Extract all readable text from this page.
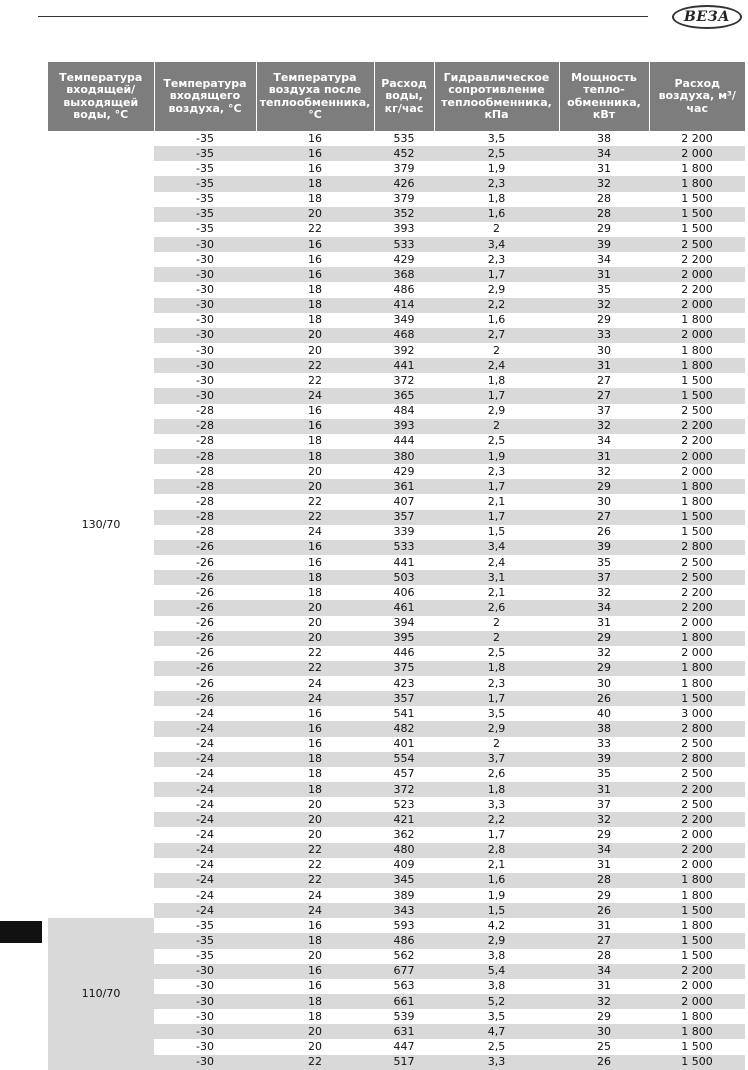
ВЕЗА
Температура входящей/ выходящей воды, °C	Температура входящего воздуха, °C	Температура воздуха после теплообменника, °C	Расход воды, кг/час	Гидравлическое сопротивление теплообменника, кПа	Мощность тепло-обменника, кВт	Расход воздуха, м³/час
130/70	-35	16	535	3,5	38	2 200
	-35	16	452	2,5	34	2 000
	-35	16	379	1,9	31	1 800
	-35	18	426	2,3	32	1 800
	-35	18	379	1,8	28	1 500
	-35	20	352	1,6	28	1 500
	-35	22	393	2	29	1 500
	-30	16	533	3,4	39	2 500
	-30	16	429	2,3	34	2 200
	-30	16	368	1,7	31	2 000
	-30	18	486	2,9	35	2 200
	-30	18	414	2,2	32	2 000
	-30	18	349	1,6	29	1 800
	-30	20	468	2,7	33	2 000
	-30	20	392	2	30	1 800
	-30	22	441	2,4	31	1 800
	-30	22	372	1,8	27	1 500
	-30	24	365	1,7	27	1 500
	-28	16	484	2,9	37	2 500
	-28	16	393	2	32	2 200
	-28	18	444	2,5	34	2 200
	-28	18	380	1,9	31	2 000
	-28	20	429	2,3	32	2 000
	-28	20	361	1,7	29	1 800
	-28	22	407	2,1	30	1 800
	-28	22	357	1,7	27	1 500
	-28	24	339	1,5	26	1 500
	-26	16	533	3,4	39	2 800
	-26	16	441	2,4	35	2 500
	-26	18	503	3,1	37	2 500
	-26	18	406	2,1	32	2 200
	-26	20	461	2,6	34	2 200
	-26	20	394	2	31	2 000
	-26	20	395	2	29	1 800
	-26	22	446	2,5	32	2 000
	-26	22	375	1,8	29	1 800
	-26	24	423	2,3	30	1 800
	-26	24	357	1,7	26	1 500
	-24	16	541	3,5	40	3 000
	-24	16	482	2,9	38	2 800
	-24	16	401	2	33	2 500
	-24	18	554	3,7	39	2 800
	-24	18	457	2,6	35	2 500
	-24	18	372	1,8	31	2 200
	-24	20	523	3,3	37	2 500
	-24	20	421	2,2	32	2 200
	-24	20	362	1,7	29	2 000
	-24	22	480	2,8	34	2 200
	-24	22	409	2,1	31	2 000
	-24	22	345	1,6	28	1 800
	-24	24	389	1,9	29	1 800
	-24	24	343	1,5	26	1 500
110/70	-35	16	593	4,2	31	1 800
	-35	18	486	2,9	27	1 500
	-35	20	562	3,8	28	1 500
	-30	16	677	5,4	34	2 200
	-30	16	563	3,8	31	2 000
	-30	18	661	5,2	32	2 000
	-30	18	539	3,5	29	1 800
	-30	20	631	4,7	30	1 800
	-30	20	447	2,5	25	1 500
	-30	22	517	3,3	26	1 500
